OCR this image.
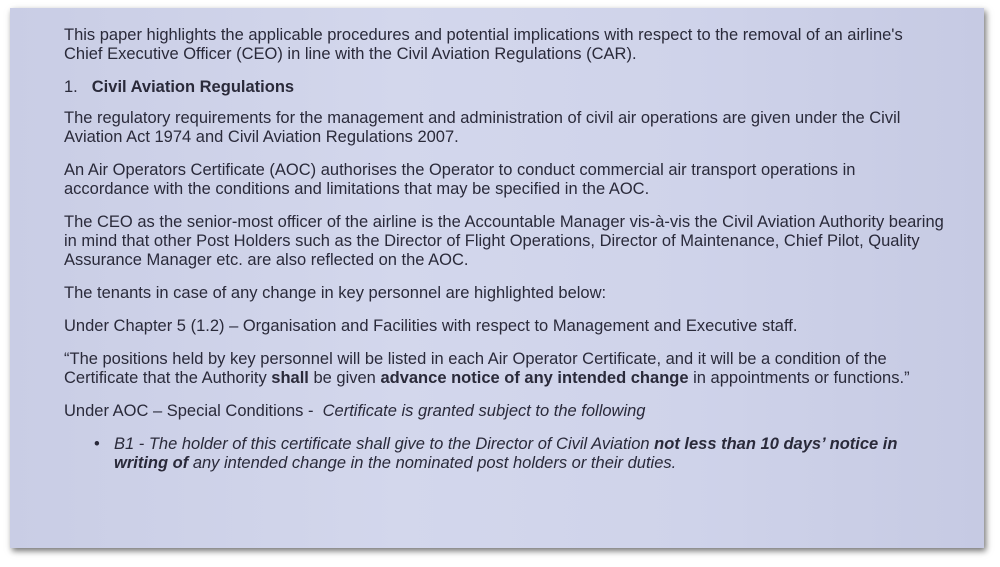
This paper highlights the applicable procedures and potential implications with respect to the removal of an airline's Chief Executive Officer (CEO) in line with the Civil Aviation Regulations (CAR).

1. Civil Aviation Regulations

The regulatory requirements for the management and administration of civil air operations are given under the Civil Aviation Act 1974 and Civil Aviation Regulations 2007.

An Air Operators Certificate (AOC) authorises the Operator to conduct commercial air transport operations in accordance with the conditions and limitations that may be specified in the AOC.

The CEO as the senior-most officer of the airline is the Accountable Manager vis-à-vis the Civil Aviation Authority bearing in mind that other Post Holders such as the Director of Flight Operations, Director of Maintenance, Chief Pilot, Quality Assurance Manager etc. are also reflected on the AOC.

The tenants in case of any change in key personnel are highlighted below:

Under Chapter 5 (1.2) – Organisation and Facilities with respect to Management and Executive staff.

“The positions held by key personnel will be listed in each Air Operator Certificate, and it will be a condition of the Certificate that the Authority shall be given advance notice of any intended change in appointments or functions.”

Under AOC – Special Conditions -  Certificate is granted subject to the following

• B1 - The holder of this certificate shall give to the Director of Civil Aviation not less than 10 days’ notice in writing of any intended change in the nominated post holders or their duties.
